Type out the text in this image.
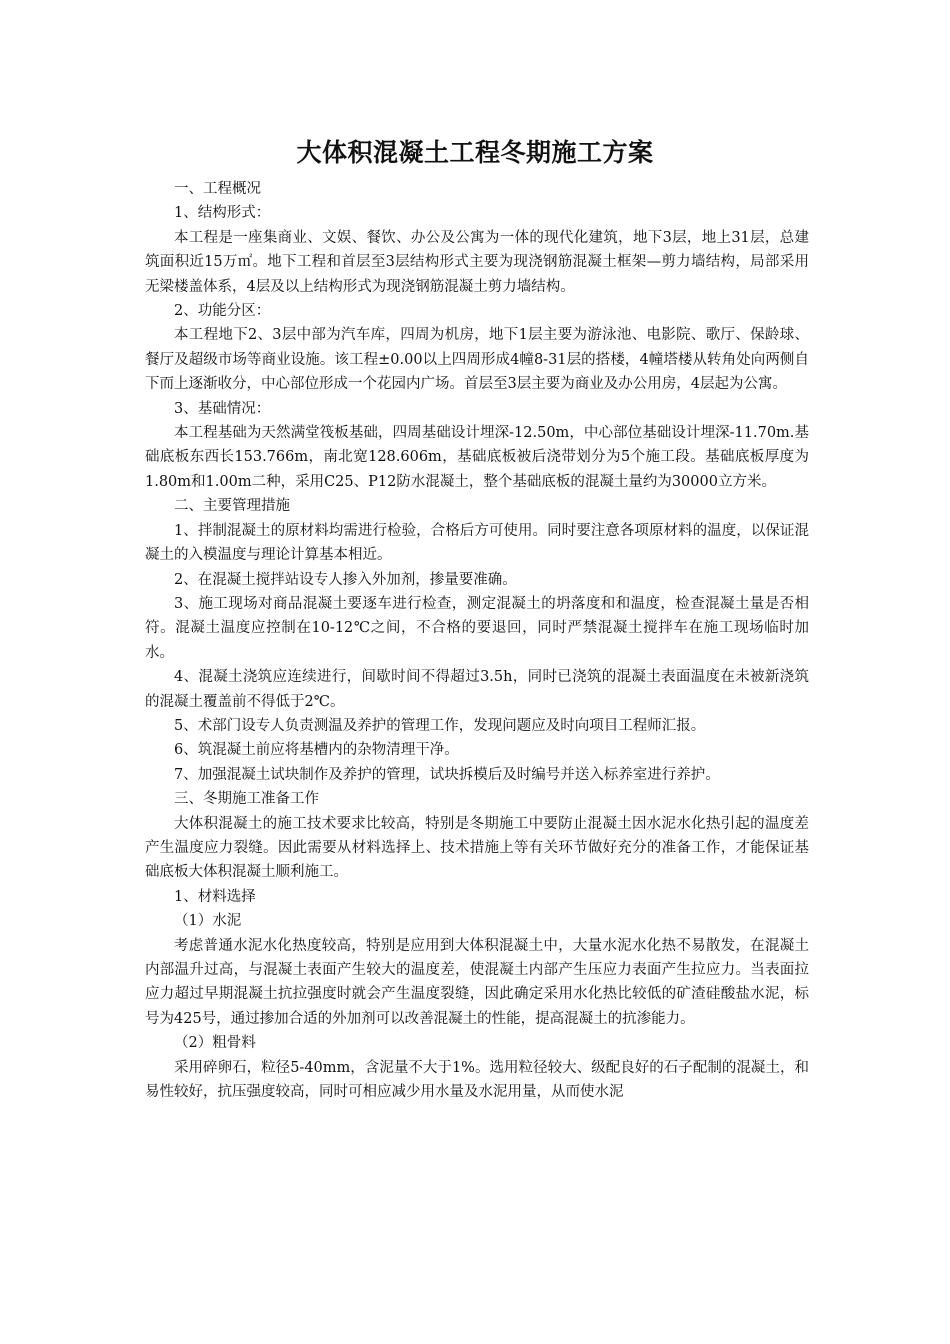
大体积混凝土工程冬期施工方案

一、工程概况

1、结构形式：

本工程是一座集商业、文娱、餐饮、办公及公寓为一体的现代化建筑，地下3层，地上31层，总建筑面积近15万㎡。地下工程和首层至3层结构形式主要为现浇钢筋混凝土框架—剪力墙结构，局部采用无梁楼盖体系，4层及以上结构形式为现浇钢筋混凝土剪力墙结构。

2、功能分区：

本工程地下2、3层中部为汽车库，四周为机房，地下1层主要为游泳池、电影院、歌厅、保龄球、餐厅及超级市场等商业设施。该工程±0.00以上四周形成4幢8-31层的搭楼，4幢塔楼从转角处向两侧自下而上逐渐收分，中心部位形成一个花园内广场。首层至3层主要为商业及办公用房，4层起为公寓。

3、基础情况：

本工程基础为天然满堂筏板基础，四周基础设计埋深-12.50m，中心部位基础设计埋深-11.70m.基础底板东西长153.766m，南北宽128.606m，基础底板被后浇带划分为5个施工段。基础底板厚度为1.80m和1.00m二种，采用C25、P12防水混凝土，整个基础底板的混凝土量约为30000立方米。

二、主要管理措施

1、拌制混凝土的原材料均需进行检验，合格后方可使用。同时要注意各项原材料的温度，以保证混凝土的入模温度与理论计算基本相近。

2、在混凝土搅拌站设专人掺入外加剂，掺量要准确。

3、施工现场对商品混凝土要逐车进行检查，测定混凝土的坍落度和和温度，检查混凝土量是否相符。混凝土温度应控制在10-12℃之间，不合格的要退回，同时严禁混凝土搅拌车在施工现场临时加水。

4、混凝土浇筑应连续进行，间歇时间不得超过3.5h，同时已浇筑的混凝土表面温度在未被新浇筑的混凝土覆盖前不得低于2℃。

5、术部门设专人负责测温及养护的管理工作，发现问题应及时向项目工程师汇报。

6、筑混凝土前应将基槽内的杂物清理干净。

7、加强混凝土试块制作及养护的管理，试块拆模后及时编号并送入标养室进行养护。

三、冬期施工准备工作

大体积混凝土的施工技术要求比较高，特别是冬期施工中要防止混凝土因水泥水化热引起的温度差产生温度应力裂缝。因此需要从材料选择上、技术措施上等有关环节做好充分的准备工作，才能保证基础底板大体积混凝土顺利施工。

1、材料选择

（1）水泥

考虑普通水泥水化热度较高，特别是应用到大体积混凝土中，大量水泥水化热不易散发，在混凝土内部温升过高，与混凝土表面产生较大的温度差，使混凝土内部产生压应力表面产生拉应力。当表面拉应力超过早期混凝土抗拉强度时就会产生温度裂缝，因此确定采用水化热比较低的矿渣硅酸盐水泥，标号为425号，通过掺加合适的外加剂可以改善混凝土的性能，提高混凝土的抗渗能力。

（2）粗骨料

采用碎卵石，粒径5-40mm，含泥量不大于1%。选用粒径较大、级配良好的石子配制的混凝土，和易性较好，抗压强度较高，同时可相应减少用水量及水泥用量，从而使水泥
